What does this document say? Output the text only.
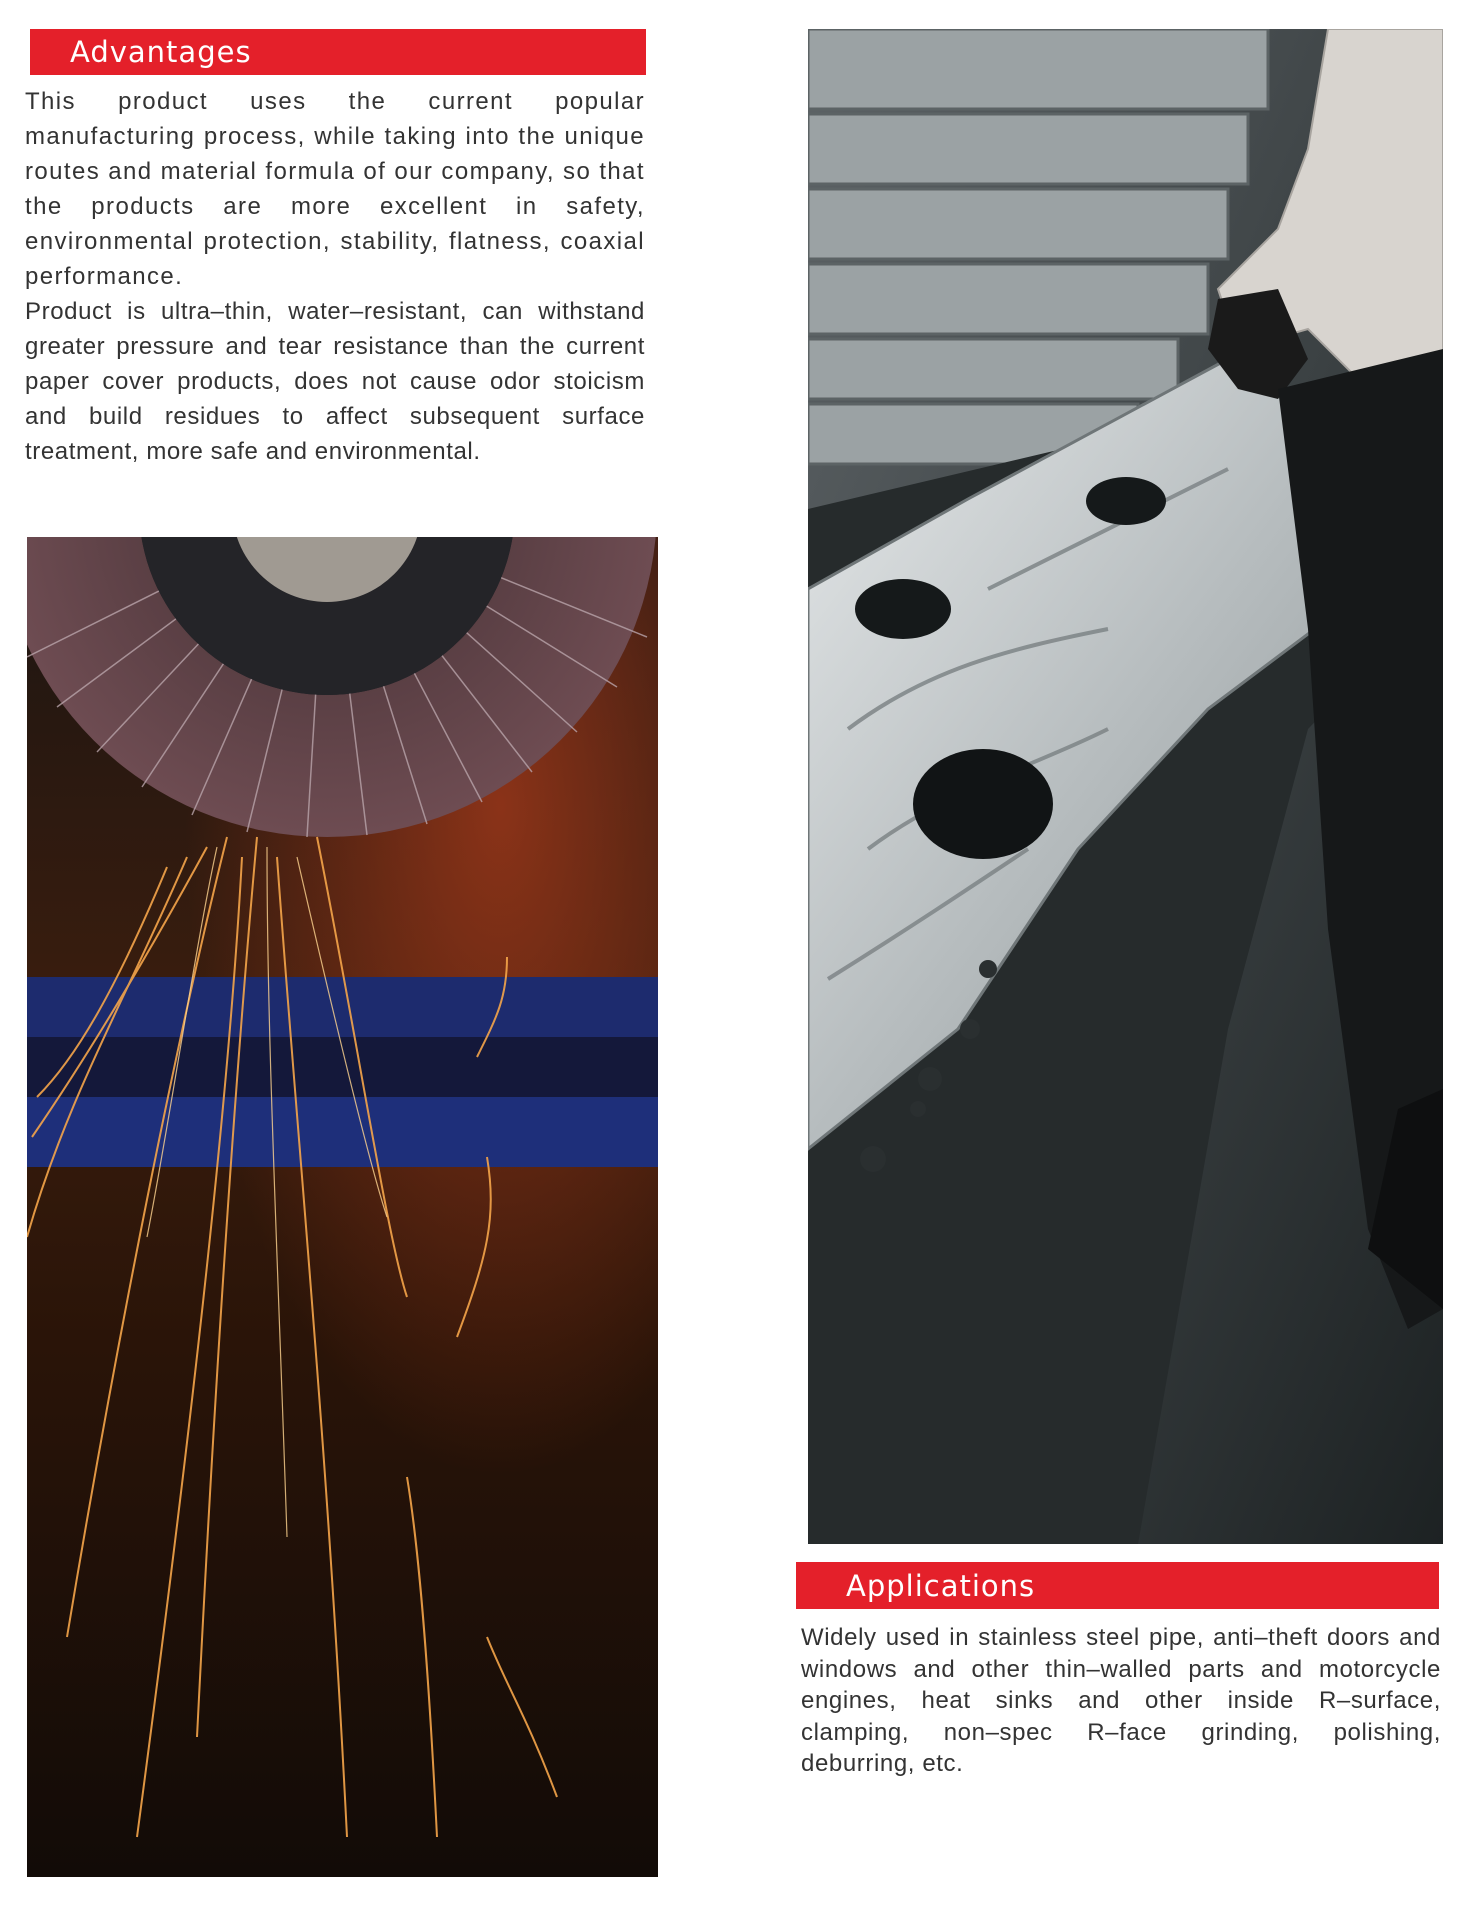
Advantages

This product uses the current popular manufacturing process, while taking into the unique routes and material formula of our company, so that the products are more excellent in safety, environmental protection, stability, flatness, coaxial performance.

Product is ultra–thin, water–resistant, can withstand greater pressure and tear resistance than the current paper cover products, does not cause odor stoicism and build residues to affect subsequent surface treatment, more safe and environmental.

Applications

Widely used in stainless steel pipe, anti–theft doors and windows and other thin–walled parts and motorcycle engines, heat sinks and other inside R–surface, clamping, non–spec R–face grinding, polishing, deburring, etc.
